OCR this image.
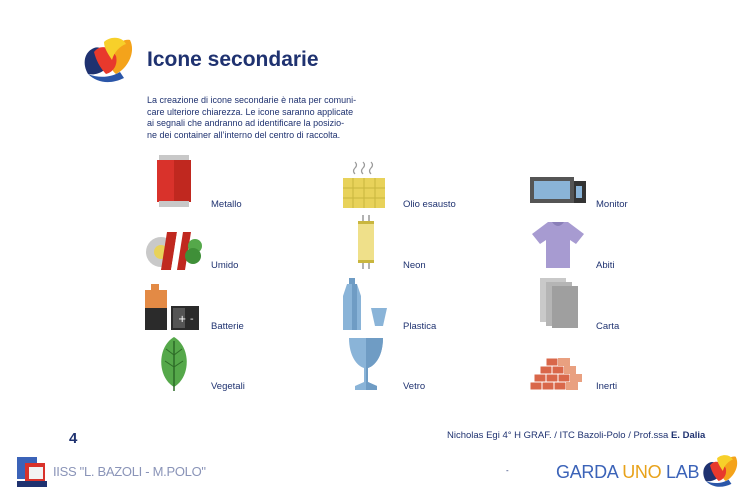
Icone secondarie
La creazione di icone secondarie è nata per comuni-
care ulteriore chiarezza. Le icone saranno applicate
ai segnali che andranno ad identificare la posizio-
ne dei container all’interno del centro di raccolta.
Metallo	Olio esausto	Monitor
Umido	Neon	Abiti
+ -
Batterie	Plastica	Carta
Vegetali	Vetro	Inerti
4	Nicholas Egi 4° H GRAF. / ITC Bazoli-Polo / Prof.ssa E. Dalia
IISS "L. BAZOLI - M.POLO"	-	GARDA UNO LAB
